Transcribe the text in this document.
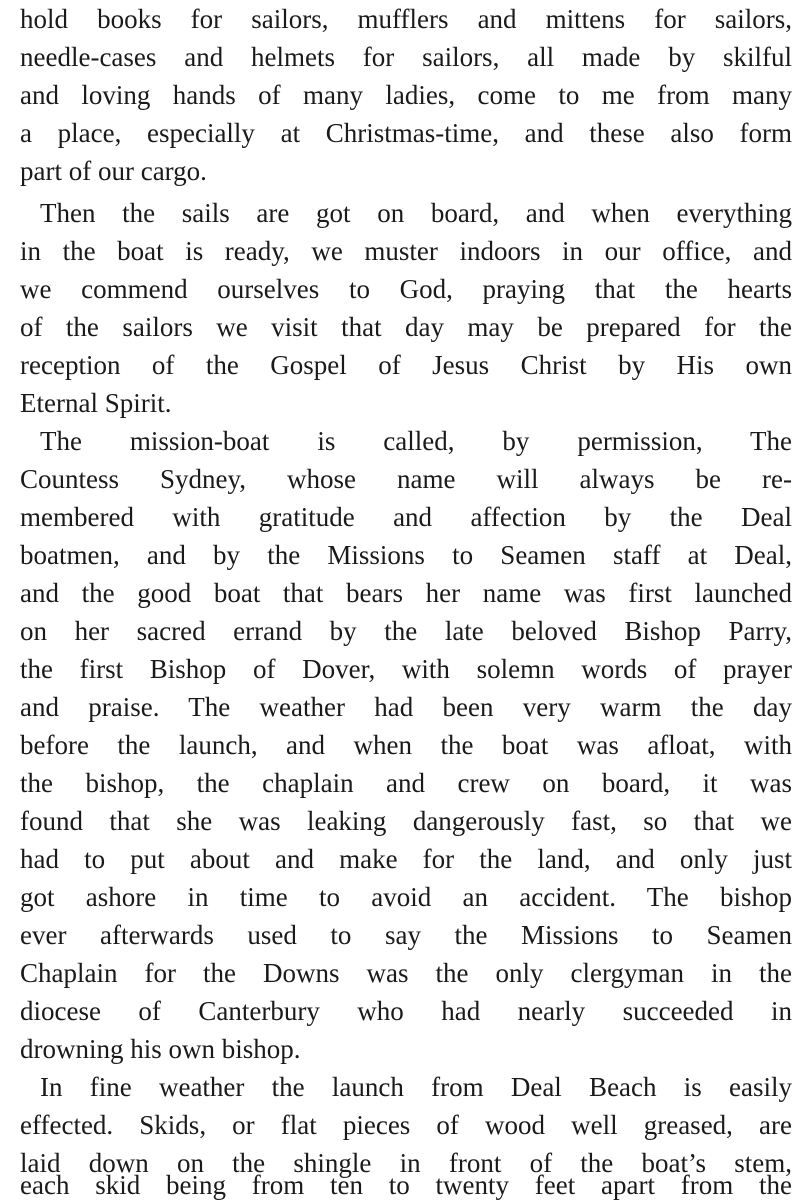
hold books for sailors, mufflers and mittens for sailors,
needle-cases and helmets for sailors, all made by skilful
and loving hands of many ladies, come to me from many
a place, especially at Christmas-time, and these also form
part of our cargo.
Then the sails are got on board, and when everything
in the boat is ready, we muster indoors in our office, and
we commend ourselves to God, praying that the hearts
of the sailors we visit that day may be prepared for the
reception of the Gospel of Jesus Christ by His own
Eternal Spirit.
The mission-boat is called, by permission, The
Countess Sydney, whose name will always be re-
membered with gratitude and affection by the Deal
boatmen, and by the Missions to Seamen staff at Deal,
and the good boat that bears her name was first launched
on her sacred errand by the late beloved Bishop Parry,
the first Bishop of Dover, with solemn words of prayer
and praise. The weather had been very warm the day
before the launch, and when the boat was afloat, with
the bishop, the chaplain and crew on board, it was
found that she was leaking dangerously fast, so that we
had to put about and make for the land, and only just
got ashore in time to avoid an accident. The bishop
ever afterwards used to say the Missions to Seamen
Chaplain for the Downs was the only clergyman in the
diocese of Canterbury who had nearly succeeded in
drowning his own bishop.
In fine weather the launch from Deal Beach is easily
effected. Skids, or flat pieces of wood well greased, are
laid down on the shingle in front of the boat’s stem,
each skid being from ten to twenty feet apart from the
